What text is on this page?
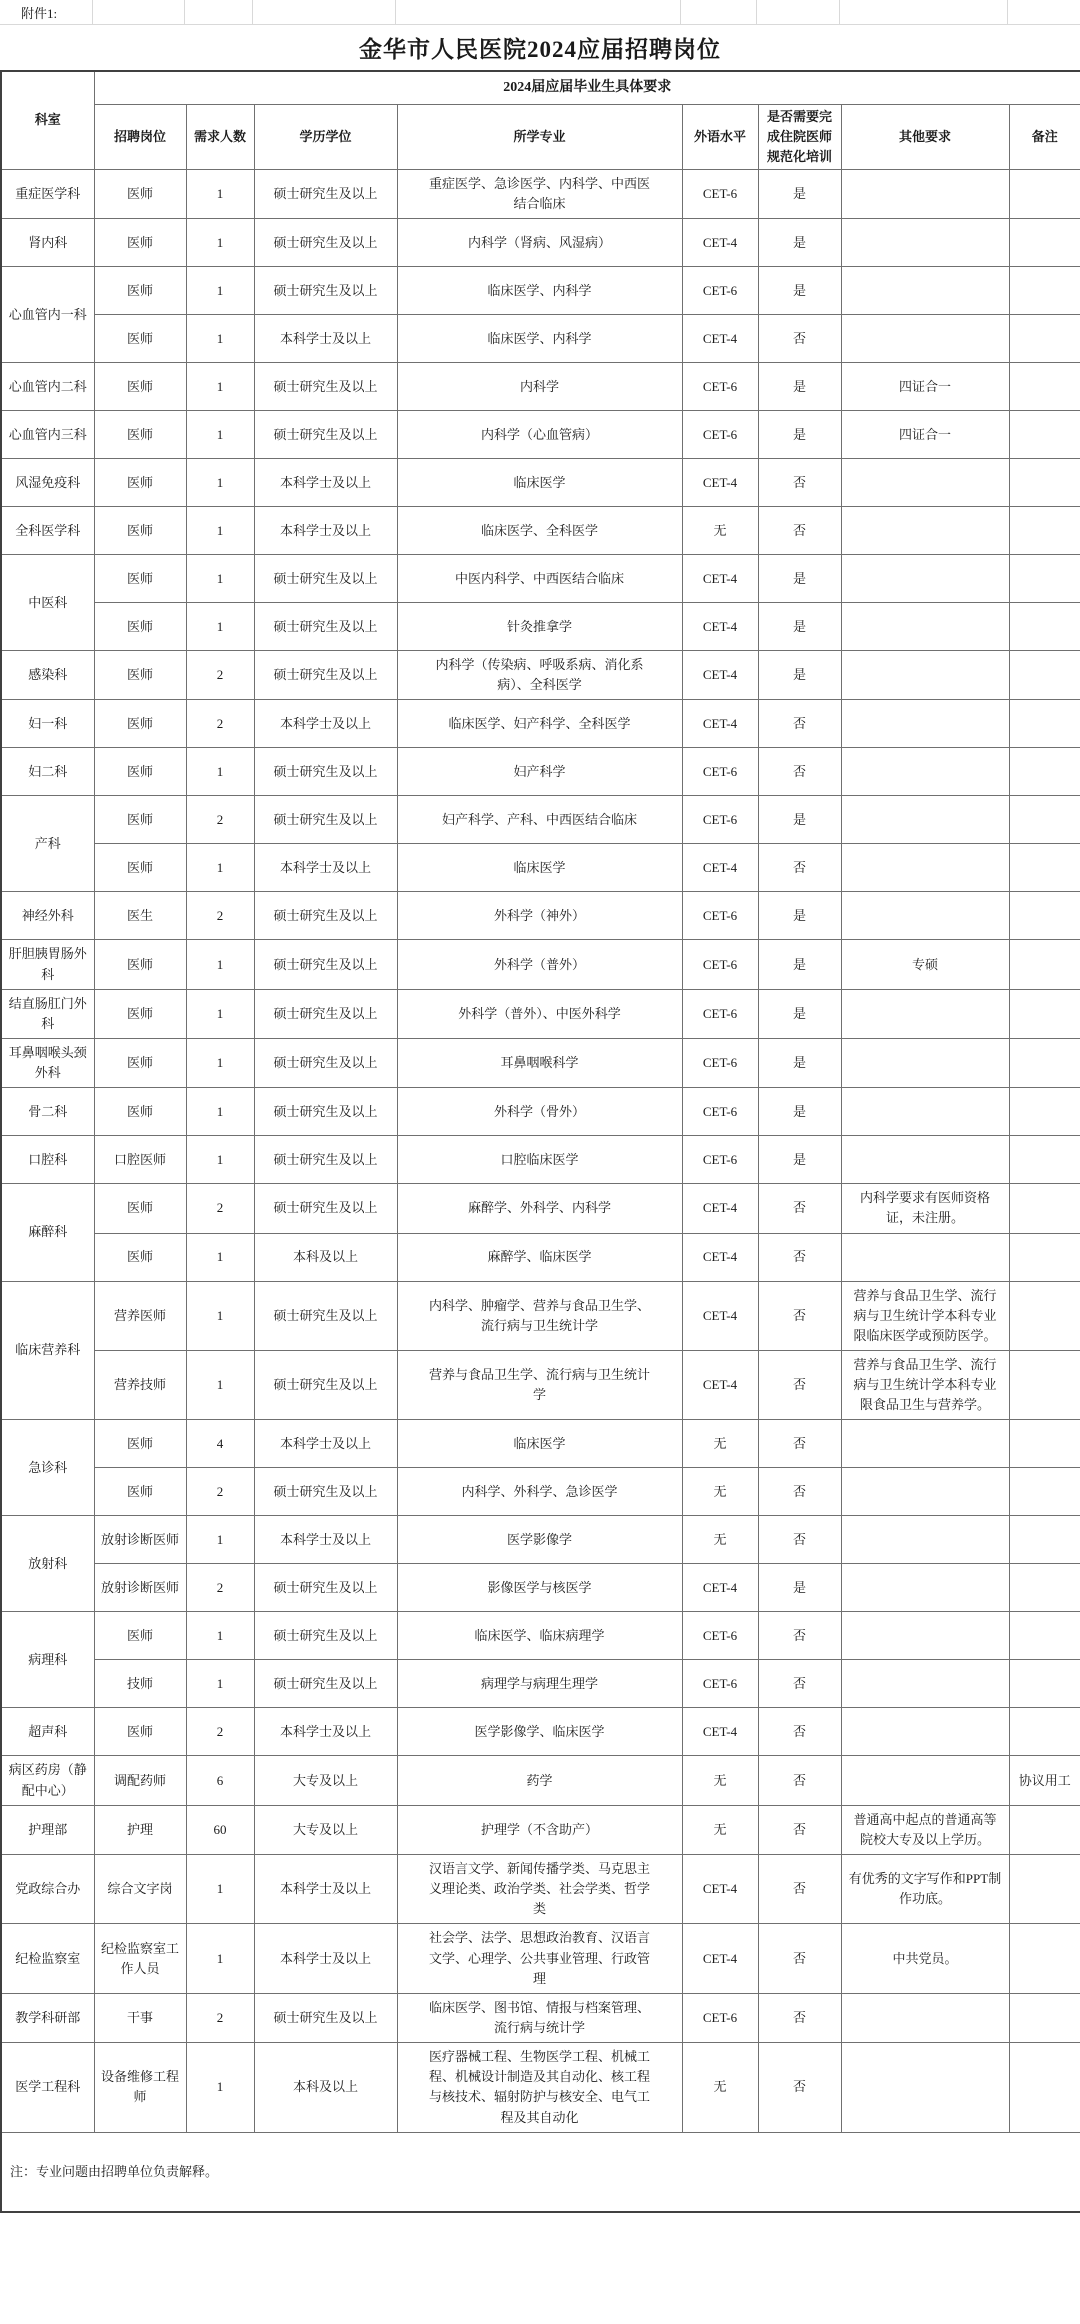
附件1:
金华市人民医院2024应届招聘岗位
科室	2024届应届毕业生具体要求							
	招聘岗位	需求人数	学历学位	所学专业	外语水平	是否需要完成住院医师规范化培训	其他要求	备注
重症医学科	医师	1	硕士研究生及以上	重症医学、急诊医学、内科学、中西医结合临床	CET-6	是		
肾内科	医师	1	硕士研究生及以上	内科学（肾病、风湿病）	CET-4	是		
心血管内一科	医师	1	硕士研究生及以上	临床医学、内科学	CET-6	是		
	医师	1	本科学士及以上	临床医学、内科学	CET-4	否		
心血管内二科	医师	1	硕士研究生及以上	内科学	CET-6	是	四证合一	
心血管内三科	医师	1	硕士研究生及以上	内科学（心血管病）	CET-6	是	四证合一	
风湿免疫科	医师	1	本科学士及以上	临床医学	CET-4	否		
全科医学科	医师	1	本科学士及以上	临床医学、全科医学	无	否		
中医科	医师	1	硕士研究生及以上	中医内科学、中西医结合临床	CET-4	是		
	医师	1	硕士研究生及以上	针灸推拿学	CET-4	是		
感染科	医师	2	硕士研究生及以上	内科学（传染病、呼吸系病、消化系病）、全科医学	CET-4	是		
妇一科	医师	2	本科学士及以上	临床医学、妇产科学、全科医学	CET-4	否		
妇二科	医师	1	硕士研究生及以上	妇产科学	CET-6	否		
产科	医师	2	硕士研究生及以上	妇产科学、产科、中西医结合临床	CET-6	是		
	医师	1	本科学士及以上	临床医学	CET-4	否		
神经外科	医生	2	硕士研究生及以上	外科学（神外）	CET-6	是		
肝胆胰胃肠外科	医师	1	硕士研究生及以上	外科学（普外）	CET-6	是	专硕	
结直肠肛门外科	医师	1	硕士研究生及以上	外科学（普外）、中医外科学	CET-6	是		
耳鼻咽喉头颈外科	医师	1	硕士研究生及以上	耳鼻咽喉科学	CET-6	是		
骨二科	医师	1	硕士研究生及以上	外科学（骨外）	CET-6	是		
口腔科	口腔医师	1	硕士研究生及以上	口腔临床医学	CET-6	是		
麻醉科	医师	2	硕士研究生及以上	麻醉学、外科学、内科学	CET-4	否	内科学要求有医师资格证，未注册。	
	医师	1	本科及以上	麻醉学、临床医学	CET-4	否		
临床营养科	营养医师	1	硕士研究生及以上	内科学、肿瘤学、营养与食品卫生学、流行病与卫生统计学	CET-4	否	营养与食品卫生学、流行病与卫生统计学本科专业限临床医学或预防医学。	
	营养技师	1	硕士研究生及以上	营养与食品卫生学、流行病与卫生统计学	CET-4	否	营养与食品卫生学、流行病与卫生统计学本科专业限食品卫生与营养学。	
急诊科	医师	4	本科学士及以上	临床医学	无	否		
	医师	2	硕士研究生及以上	内科学、外科学、急诊医学	无	否		
放射科	放射诊断医师	1	本科学士及以上	医学影像学	无	否		
	放射诊断医师	2	硕士研究生及以上	影像医学与核医学	CET-4	是		
病理科	医师	1	硕士研究生及以上	临床医学、临床病理学	CET-6	否		
	技师	1	硕士研究生及以上	病理学与病理生理学	CET-6	否		
超声科	医师	2	本科学士及以上	医学影像学、临床医学	CET-4	否		
病区药房（静配中心）	调配药师	6	大专及以上	药学	无	否		协议用工
护理部	护理	60	大专及以上	护理学（不含助产）	无	否	普通高中起点的普通高等院校大专及以上学历。	
党政综合办	综合文字岗	1	本科学士及以上	汉语言文学、新闻传播学类、马克思主义理论类、政治学类、社会学类、哲学类	CET-4	否	有优秀的文字写作和PPT制作功底。	
纪检监察室	纪检监察室工作人员	1	本科学士及以上	社会学、法学、思想政治教育、汉语言文学、心理学、公共事业管理、行政管理	CET-4	否	中共党员。	
教学科研部	干事	2	硕士研究生及以上	临床医学、图书馆、情报与档案管理、流行病与统计学	CET-6	否		
医学工程科	设备维修工程师	1	本科及以上	医疗器械工程、生物医学工程、机械工程、机械设计制造及其自动化、核工程与核技术、辐射防护与核安全、电气工程及其自动化	无	否		
注：专业问题由招聘单位负责解释。								
